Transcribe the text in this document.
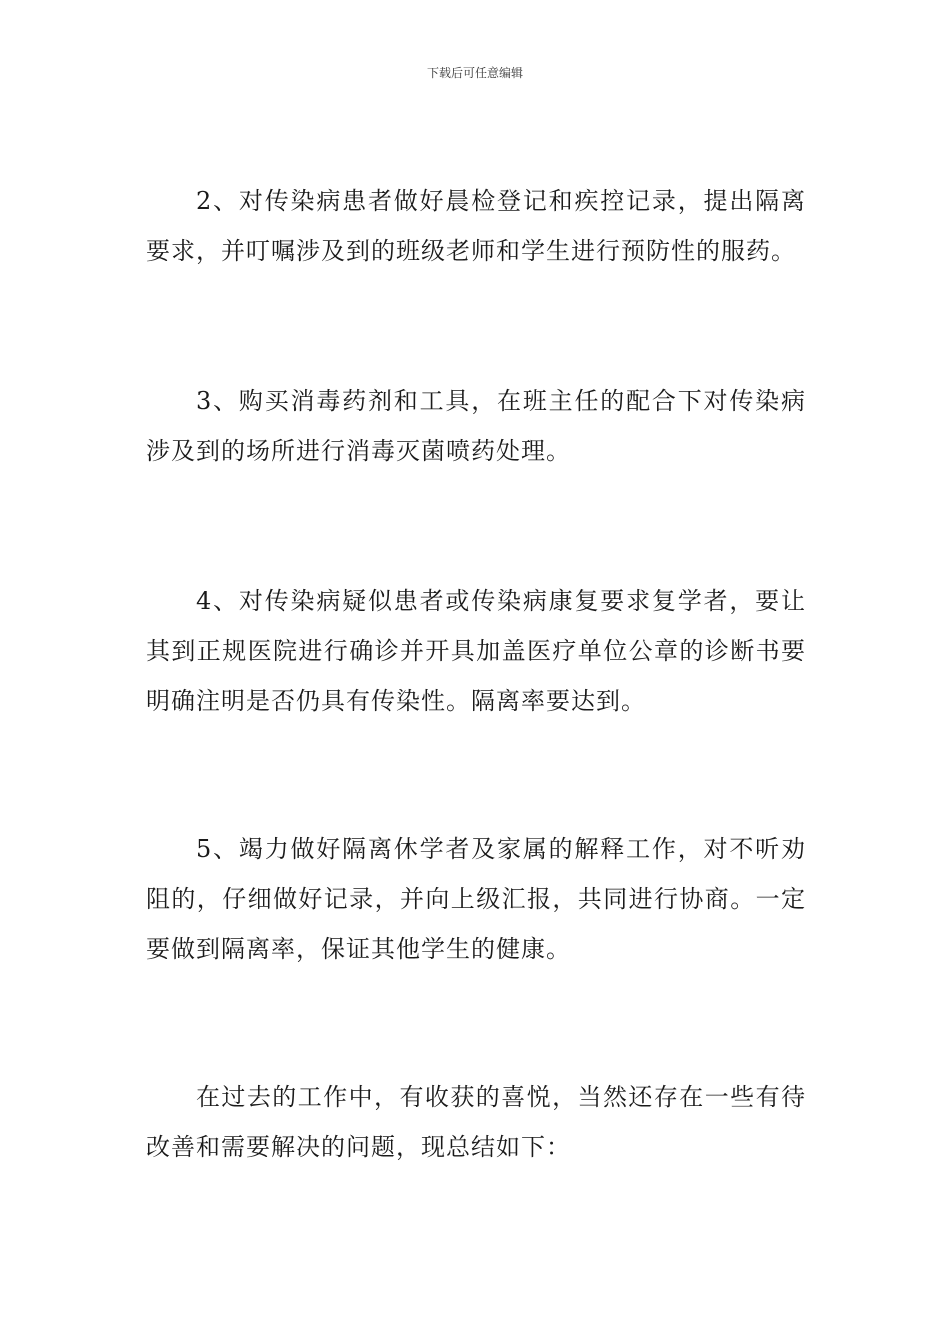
下载后可任意编辑

2、对传染病患者做好晨检登记和疾控记录，提出隔离要求，并叮嘱涉及到的班级老师和学生进行预防性的服药。

3、购买消毒药剂和工具，在班主任的配合下对传染病涉及到的场所进行消毒灭菌喷药处理。

4、对传染病疑似患者或传染病康复要求复学者，要让其到正规医院进行确诊并开具加盖医疗单位公章的诊断书要明确注明是否仍具有传染性。隔离率要达到。

5、竭力做好隔离休学者及家属的解释工作，对不听劝阻的，仔细做好记录，并向上级汇报，共同进行协商。一定要做到隔离率，保证其他学生的健康。

在过去的工作中，有收获的喜悦，当然还存在一些有待改善和需要解决的问题，现总结如下：
